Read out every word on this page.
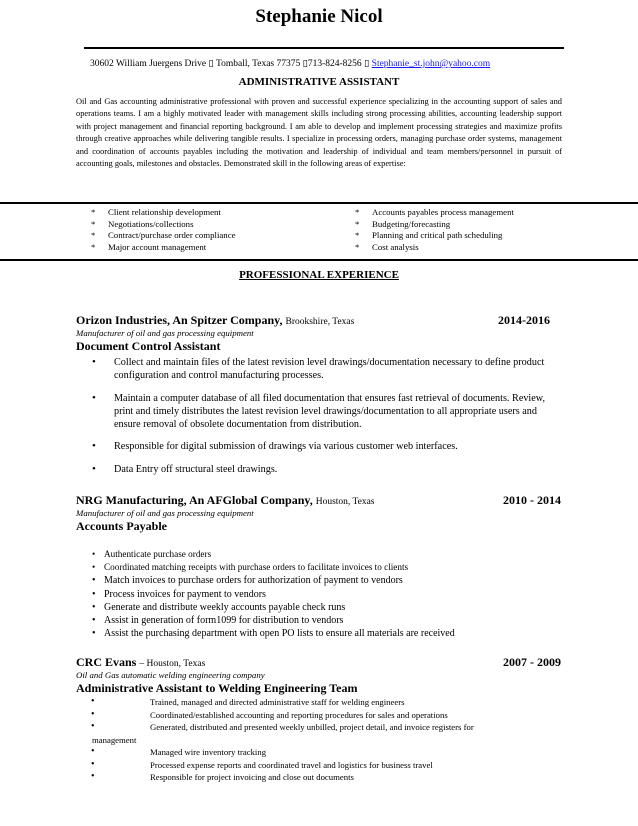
Stephanie Nicol
30602 William Juergens Drive ▯ Tomball, Texas 77375 ▯713-824-8256 ▯ Stephanie_st.john@yahoo.com
ADMINISTRATIVE ASSISTANT

Oil and Gas accounting administrative professional with proven and successful experience specializing in the accounting support of sales and operations teams. I am a highly motivated leader with management skills including strong processing abilities, accounting leadership support with project management and financial reporting background. I am able to develop and implement processing strategies and maximize profits through creative approaches while delivering tangible results. I specialize in processing orders, managing purchase order systems, management and coordination of accounts payables including the motivation and leadership of individual and team members/personnel in pursuit of accounting goals, milestones and obstacles. Demonstrated skill in the following areas of expertise:

* Client relationship development
* Negotiations/collections
* Contract/purchase order compliance
* Major account management
* Accounts payables process management
* Budgeting/forecasting
* Planning and critical path scheduling
* Cost analysis
PROFESSIONAL EXPERIENCE
Orizon Industries, An Spitzer Company, Brookshire, Texas	2014-2016
Manufacturer of oil and gas processing equipment
Document Control Assistant
• Collect and maintain files of the latest revision level drawings/documentation necessary to define product configuration and control manufacturing processes.
• Maintain a computer database of all filed documentation that ensures fast retrieval of documents. Review, print and timely distributes the latest revision level drawings/documentation to all appropriate users and ensure removal of obsolete documentation from distribution.
• Responsible for digital submission of drawings via various customer web interfaces.
• Data Entry off structural steel drawings.
NRG Manufacturing, An AFGlobal Company, Houston, Texas	2010 - 2014
Manufacturer of oil and gas processing equipment
Accounts Payable
• Authenticate purchase orders
• Coordinated matching receipts with purchase orders to facilitate invoices to clients
• Match invoices to purchase orders for authorization of payment to vendors
• Process invoices for payment to vendors
• Generate and distribute weekly accounts payable check runs
• Assist in generation of form1099 for distribution to vendors
• Assist the purchasing department with open PO lists to ensure all materials are received
CRC Evans – Houston, Texas	2007 - 2009
Oil and Gas automatic welding engineering company
Administrative Assistant to Welding Engineering Team
• Trained, managed and directed administrative staff for welding engineers
• Coordinated/established accounting and reporting procedures for sales and operations
• Generated, distributed and presented weekly unbilled, project detail, and invoice registers for
management
• Managed wire inventory tracking
• Processed expense reports and coordinated travel and logistics for business travel
• Responsible for project invoicing and close out documents
